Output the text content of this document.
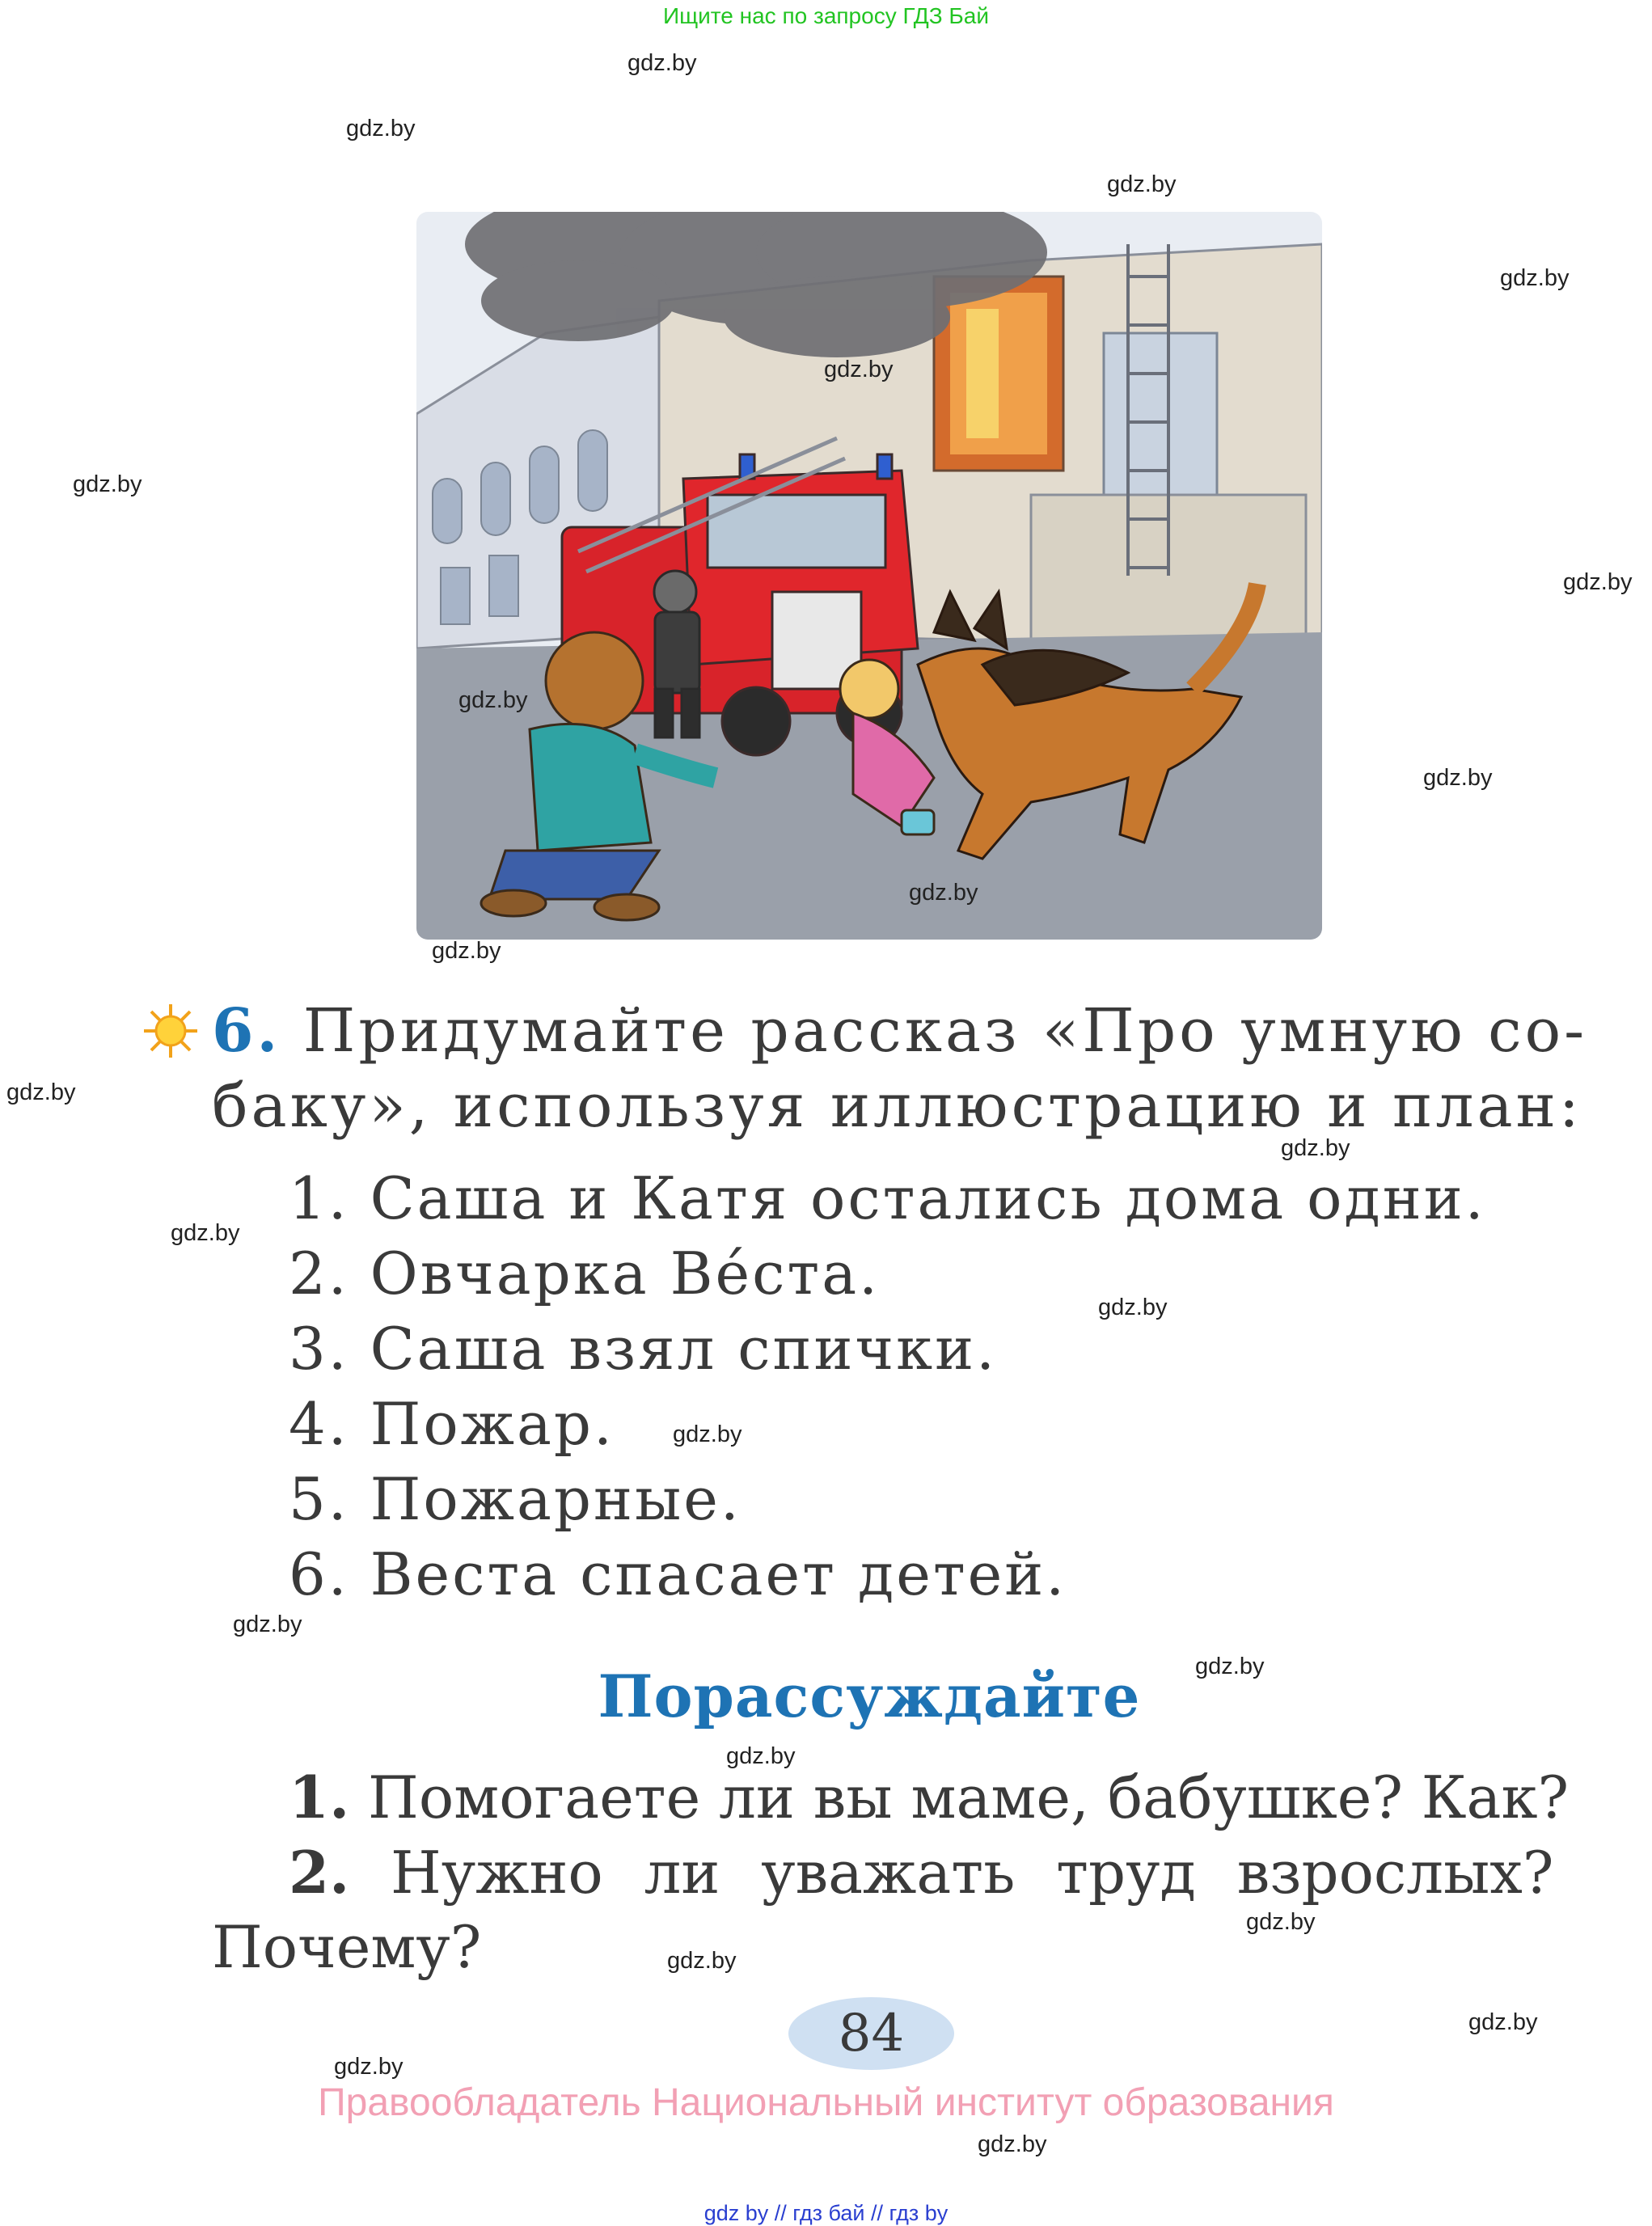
Ищите нас по запросу ГДЗ Бай
6. Придумайте рассказ «Про умную со-
баку», используя иллюстрацию и план:
1. Саша и Катя остались дома одни.
2. Овчарка Ве́ста.
3. Саша взял спички.
4. Пожар.
5. Пожарные.
6. Веста спасает детей.
Порассуждайте
1. Помогаете ли вы маме, бабушке? Как?
2. Нужно ли уважать труд взрослых?
Почему?
84
Правообладатель Национальный институт образования
gdz by // гдз бай // гдз by
gdz.by
gdz.by
gdz.by
gdz.by
gdz.by
gdz.by
gdz.by
gdz.by
gdz.by
gdz.by
gdz.by
gdz.by
gdz.by
gdz.by
gdz.by
gdz.by
gdz.by
gdz.by
gdz.by
gdz.by
gdz.by
gdz.by
gdz.by
gdz.by
